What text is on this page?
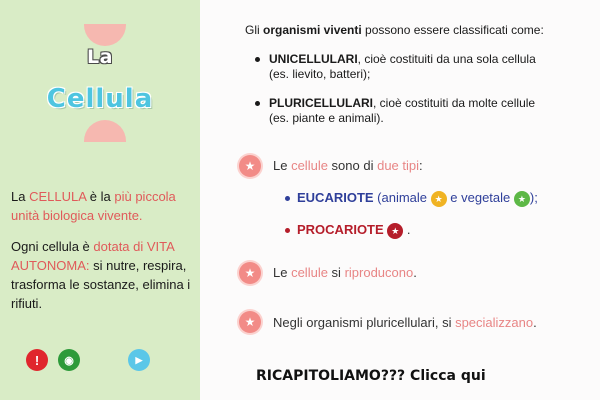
La
Cellula

La CELLULA è la più piccola unità biologica vivente.

Ogni cellula è dotata di VITA AUTONOMA: si nutre, respira, trasforma le sostanze, elimina i rifiuti.

! ◉	▶
Gli organismi viventi possono essere classificati come:
UNICELLULARI, cioè costituiti da una sola cellula
(es. lievito, batteri);
PLURICELLULARI, cioè costituiti da molte cellule
(es. piante e animali).
★ Le cellule sono di due tipi:
EUCARIOTE (animale ★ e vegetale ★ );
PROCARIOTE ★ .
★ Le cellule si riproducono.
★ Negli organismi pluricellulari, si specializzano.
RICAPITOLIAMO??? Clicca qui
